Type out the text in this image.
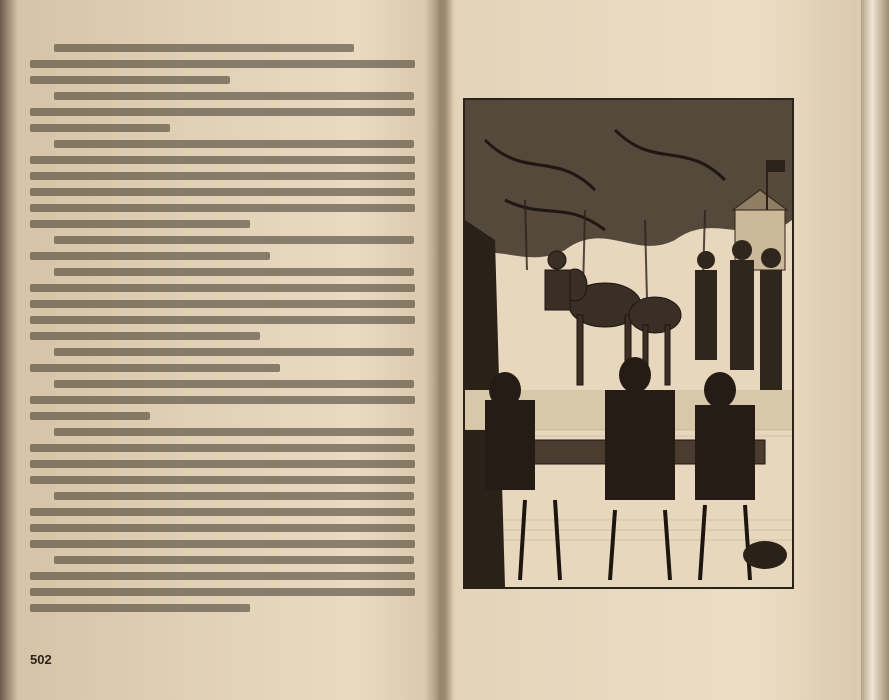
502
